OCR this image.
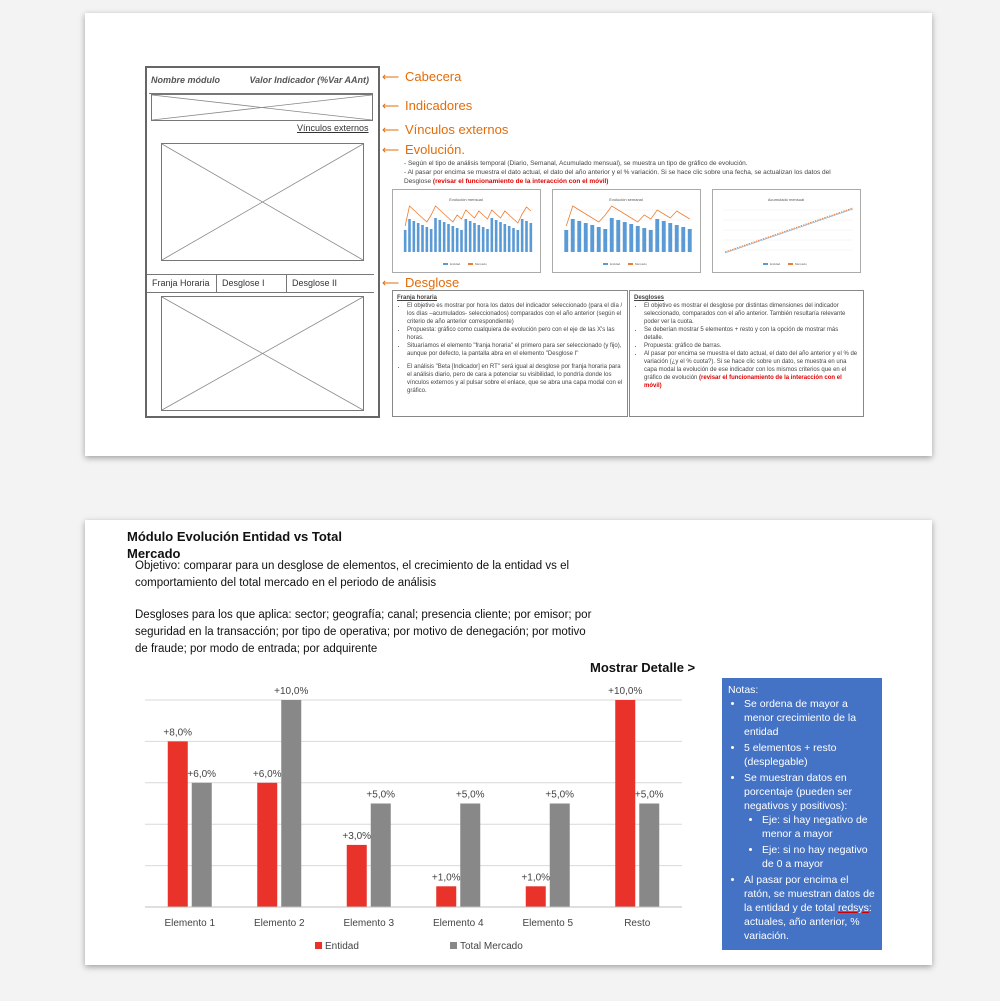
Nombre módulo	Valor Indicador (%Var AAnt)
Vínculos externos
Franja Horaria	Desglose I	Desglose II
⟵ Cabecera
⟵ Indicadores
⟵ Vínculos externos
⟵ Evolución.
⟵ Desglose
- Según el tipo de análisis temporal (Diario, Semanal, Acumulado mensual), se muestra un tipo de gráfico de evolución.
- Al pasar por encima se muestra el dato actual, el dato del año anterior y el % variación. Si se hace clic sobre una fecha, se actualizan los datos del Desglose (revisar el funcionamiento de la interacción con el móvil)
Evolución mensual
Entidad	Mercado
Evolución semanal
Entidad	Mercado
Acumulado mensual
Entidad	Mercado
Franja horaria
• El objetivo es mostrar por hora los datos del indicador seleccionado (para el día / los días –acumulados- seleccionados) comparados con el año anterior (según el criterio de año anterior correspondiente)
• Propuesta: gráfico como cualquiera de evolución pero con el eje de las X's las horas.
• Situaríamos el elemento "franja horaria" el primero para ser seleccionado (y fijo), aunque por defecto, la pantalla abra en el elemento "Desglose I"
• El análisis "Beta [Indicador] en RT" será igual al desglose por franja horaria para el análisis diario, pero de cara a potenciar su visibilidad, lo pondría donde los vínculos externos y al pulsar sobre el enlace, que se abra una capa modal con el gráfico.
Desgloses
• El objetivo es mostrar el desglose por distintas dimensiones del indicador seleccionado, comparados con el año anterior. También resultaría relevante poder ver la cuota.
• Se deberían mostrar 5 elementos + resto y con la opción de mostrar más detalle.
• Propuesta: gráfico de barras.
• Al pasar por encima se muestra el dato actual, el dato del año anterior y el % de variación (¿y el % cuota?). Si se hace clic sobre un dato, se muestra en una capa modal la evolución de ese indicador con los mismos criterios que en el gráfico de evolución (revisar el funcionamiento de la interacción con el móvil)
Módulo Evolución Entidad vs Total Mercado

Objetivo: comparar para un desglose de elementos, el crecimiento de la entidad vs el comportamiento del total mercado en el periodo de análisis

Desgloses para los que aplica: sector; geografía; canal; presencia cliente; por emisor; por seguridad en la transacción; por tipo de operativa; por motivo de denegación; por motivo de fraude; por modo de entrada; por adquirente

Mostrar Detalle >
+8,0%
+6,0%
Elemento 1
+6,0%
+10,0%
Elemento 2
+3,0%
+5,0%
Elemento 3
+1,0%
+5,0%
Elemento 4
+1,0%
+5,0%
Elemento 5
+10,0%
+5,0%
Resto
Entidad	Total Mercado
Notas:
• Se ordena de mayor a menor crecimiento de la entidad
• 5 elementos + resto (desplegable)
• Se muestran datos en porcentaje (pueden ser negativos y positivos):
• Eje: si hay negativo de menor a mayor
• Eje: si no hay negativo de 0 a mayor
• Al pasar por encima el ratón, se muestran datos de la entidad y de total redsys: actuales, año anterior, % variación.
